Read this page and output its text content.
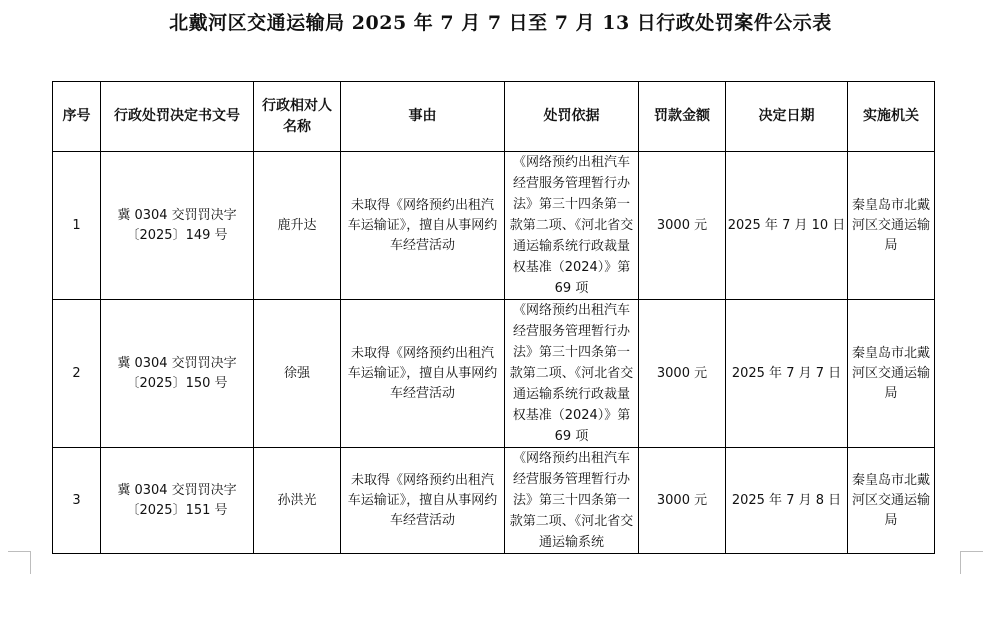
北戴河区交通运输局 2025 年 7 月 7 日至 7 月 13 日行政处罚案件公示表
序号	行政处罚决定书文号	行政相对人名称	事由	处罚依据	罚款金额	决定日期	实施机关
1	冀 0304 交罚罚决字〔2025〕149 号	鹿升达	未取得《网络预约出租汽车运输证》，擅自从事网约车经营活动	《网络预约出租汽车经营服务管理暂行办法》第三十四条第一款第二项、《河北省交通运输系统行政裁量权基准（2024）》第 69 项	3000 元	2025 年 7 月 10 日	秦皇岛市北戴河区交通运输局

2	冀 0304 交罚罚决字〔2025〕150 号	徐强	未取得《网络预约出租汽车运输证》，擅自从事网约车经营活动	《网络预约出租汽车经营服务管理暂行办法》第三十四条第一款第二项、《河北省交通运输系统行政裁量权基准（2024）》第 69 项	3000 元	2025 年 7 月 7 日	秦皇岛市北戴河区交通运输局

3	冀 0304 交罚罚决字〔2025〕151 号	孙洪光	未取得《网络预约出租汽车运输证》，擅自从事网约车经营活动	《网络预约出租汽车经营服务管理暂行办法》第三十四条第一款第二项、《河北省交通运输系统	3000 元	2025 年 7 月 8 日	秦皇岛市北戴河区交通运输局
